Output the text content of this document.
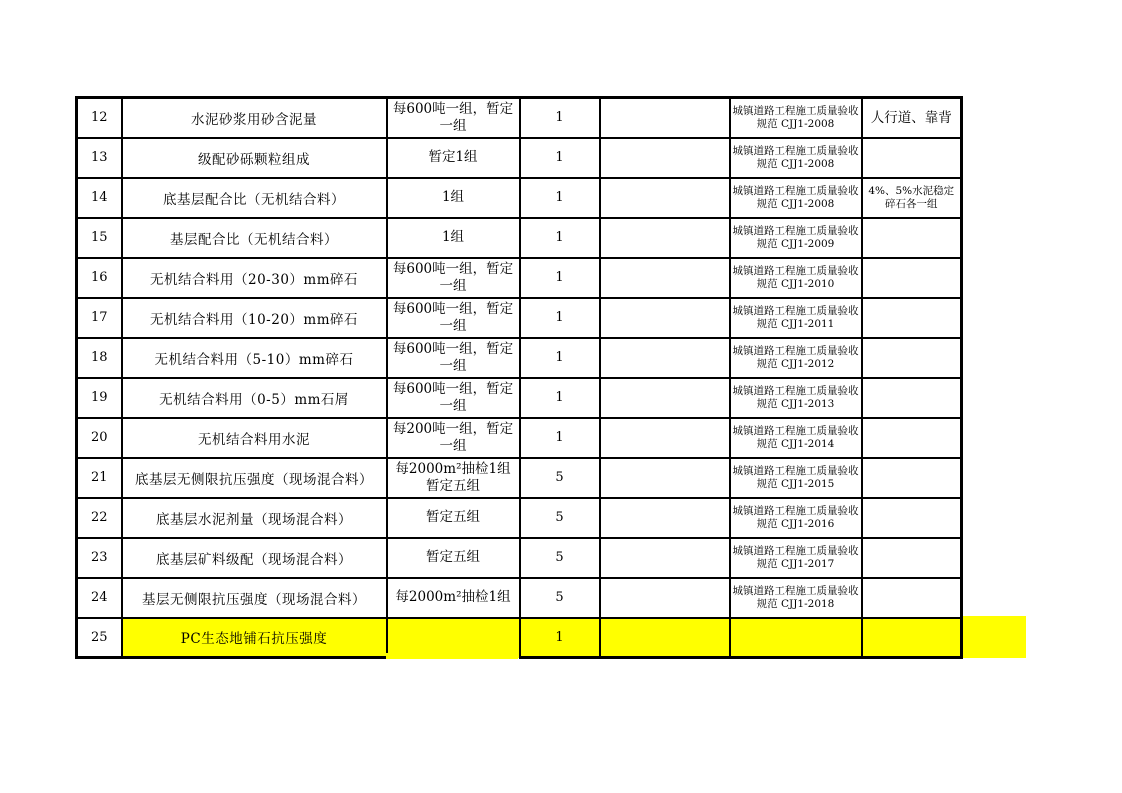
12	水泥砂浆用砂含泥量	每600吨一组，暂定一组	1		城镇道路工程施工质量验收规范 CJJ1-2008	人行道、靠背
13	级配砂砾颗粒组成	暂定1组	1		城镇道路工程施工质量验收规范 CJJ1-2008	
14	底基层配合比（无机结合料）	1组	1		城镇道路工程施工质量验收规范 CJJ1-2008	4%、5%水泥稳定碎石各一组
15	基层配合比（无机结合料）	1组	1		城镇道路工程施工质量验收规范 CJJ1-2009	
16	无机结合料用（20-30）mm碎石	每600吨一组，暂定一组	1		城镇道路工程施工质量验收规范 CJJ1-2010	
17	无机结合料用（10-20）mm碎石	每600吨一组，暂定一组	1		城镇道路工程施工质量验收规范 CJJ1-2011	
18	无机结合料用（5-10）mm碎石	每600吨一组，暂定一组	1		城镇道路工程施工质量验收规范 CJJ1-2012	
19	无机结合料用（0-5）mm石屑	每600吨一组，暂定一组	1		城镇道路工程施工质量验收规范 CJJ1-2013	
20	无机结合料用水泥	每200吨一组，暂定一组	1		城镇道路工程施工质量验收规范 CJJ1-2014	
21	底基层无侧限抗压强度（现场混合料）	每2000m²抽检1组暂定五组	5		城镇道路工程施工质量验收规范 CJJ1-2015	
22	底基层水泥剂量（现场混合料）	暂定五组	5		城镇道路工程施工质量验收规范 CJJ1-2016	
23	底基层矿料级配（现场混合料）	暂定五组	5		城镇道路工程施工质量验收规范 CJJ1-2017	
24	基层无侧限抗压强度（现场混合料）	每2000m²抽检1组	5		城镇道路工程施工质量验收规范 CJJ1-2018	
25	PC生态地铺石抗压强度		1			
